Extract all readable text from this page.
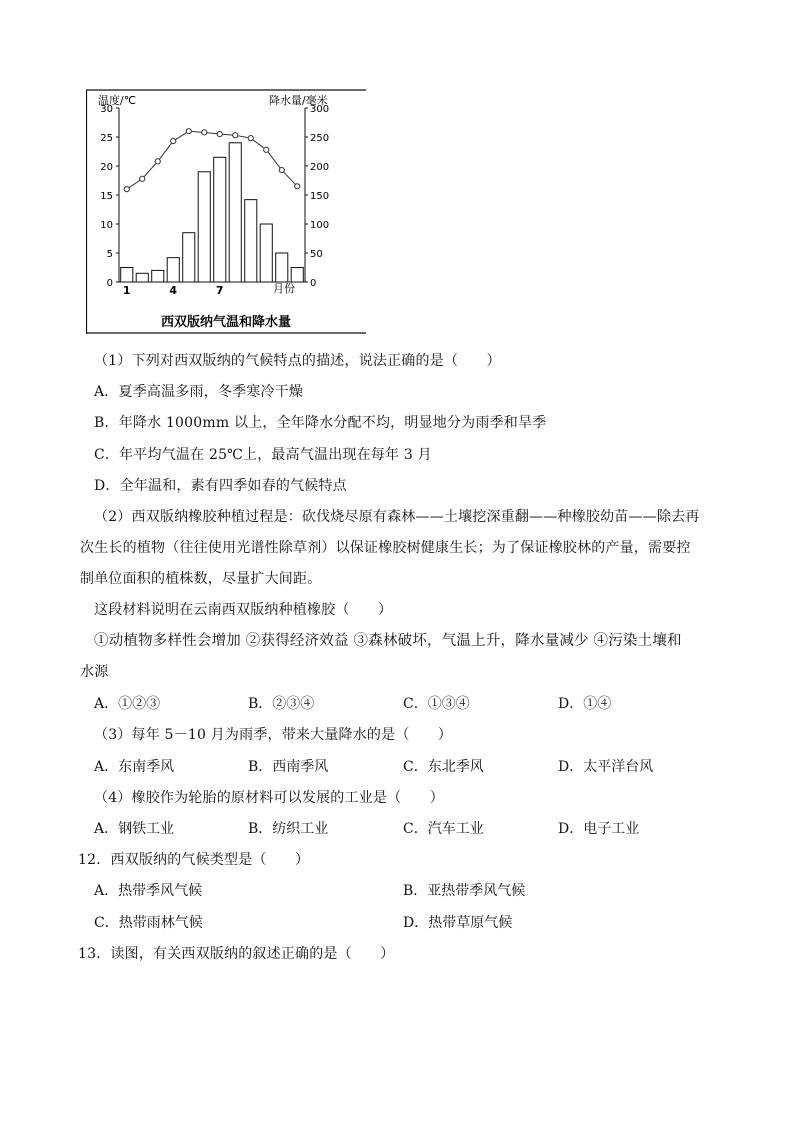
温度/℃	降水量/毫米
月份
西双版纳气温和降水量
0
5
10
15
20
25
30
0
50
100
150
200
250
300
1	4	7
（1）下列对西双版纳的气候特点的描述，说法正确的是（　　）
A．夏季高温多雨，冬季寒冷干燥
B．年降水 1000mm 以上，全年降水分配不均，明显地分为雨季和旱季
C．年平均气温在 25℃上，最高气温出现在每年 3 月
D．全年温和，素有四季如春的气候特点
（2）西双版纳橡胶种植过程是：砍伐烧尽原有森林——土壤挖深重翻——种橡胶幼苗——除去再
次生长的植物（往往使用光谱性除草剂）以保证橡胶树健康生长；为了保证橡胶林的产量，需要控
制单位面积的植株数，尽量扩大间距。
这段材料说明在云南西双版纳种植橡胶（　　）
①动植物多样性会增加 ②获得经济效益 ③森林破坏，气温上升，降水量减少 ④污染土壤和
水源
A．①②③	B．②③④	C．①③④	D．①④
（3）每年 5－10 月为雨季，带来大量降水的是（　　）
A．东南季风	B．西南季风	C．东北季风	D．太平洋台风
（4）橡胶作为轮胎的原材料可以发展的工业是（　　）
A．钢铁工业	B．纺织工业	C．汽车工业	D．电子工业
12．西双版纳的气候类型是（　　）
A．热带季风气候	B．亚热带季风气候
C．热带雨林气候	D．热带草原气候
13．读图，有关西双版纳的叙述正确的是（　　）
